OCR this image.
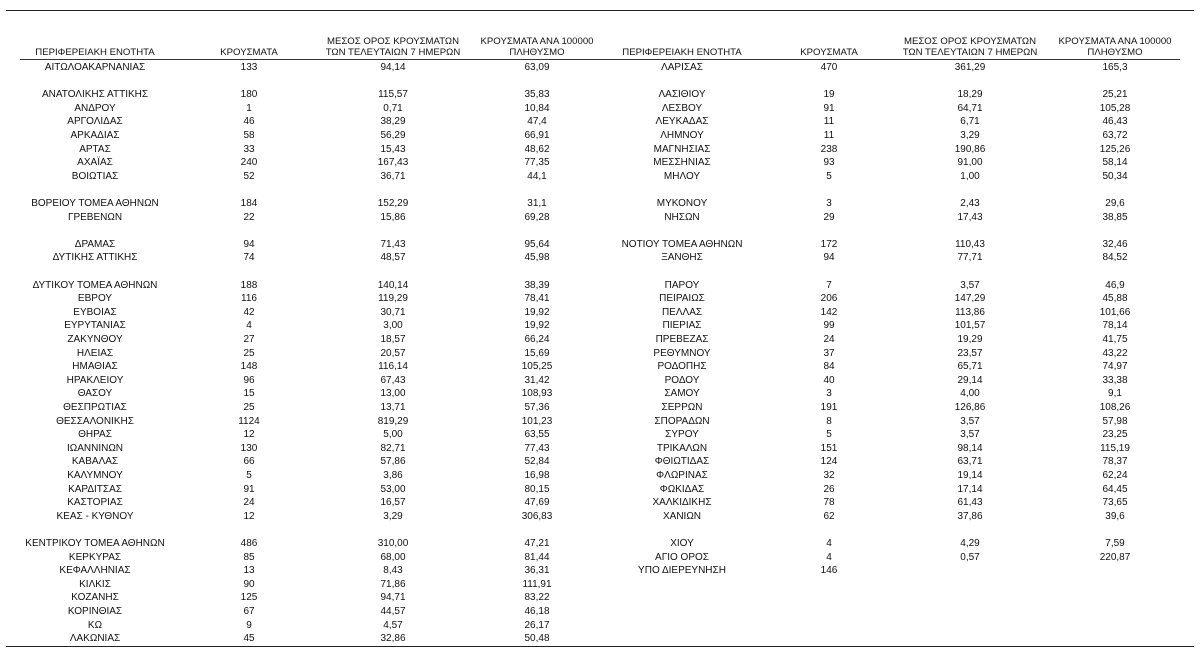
ΠΕΡΙΦΕΡΕΙΑΚΗ ΕΝΟΤΗΤΑ	ΚΡΟΥΣΜΑΤΑ
ΜΕΣΟΣ ΟΡΟΣ ΚΡΟΥΣΜΑΤΩΝ
ΤΩΝ ΤΕΛΕΥΤΑΙΩΝ 7 ΗΜΕΡΩΝ
ΚΡΟΥΣΜΑΤΑ ΑΝΑ 100000
ΠΛΗΘΥΣΜΟ	ΠΕΡΙΦΕΡΕΙΑΚΗ ΕΝΟΤΗΤΑ	ΚΡΟΥΣΜΑΤΑ
ΜΕΣΟΣ ΟΡΟΣ ΚΡΟΥΣΜΑΤΩΝ
ΤΩΝ ΤΕΛΕΥΤΑΙΩΝ 7 ΗΜΕΡΩΝ
ΚΡΟΥΣΜΑΤΑ ΑΝΑ 100000
ΠΛΗΘΥΣΜΟ
ΑΙΤΩΛΟΑΚΑΡΝΑΝΙΑΣ	133	94,14	63,09
ΑΝΑΤΟΛΙΚΗΣ ΑΤΤΙΚΗΣ	180	115,57	35,83
ΑΝΔΡΟΥ	1	0,71	10,84
ΑΡΓΟΛΙΔΑΣ	46	38,29	47,4
ΑΡΚΑΔΙΑΣ	58	56,29	66,91
ΑΡΤΑΣ	33	15,43	48,62
ΑΧΑΪΑΣ	240	167,43	77,35
ΒΟΙΩΤΙΑΣ	52	36,71	44,1
ΒΟΡΕΙΟΥ ΤΟΜΕΑ ΑΘΗΝΩΝ	184	152,29	31,1
ΓΡΕΒΕΝΩΝ	22	15,86	69,28
ΔΡΑΜΑΣ	94	71,43	95,64
ΔΥΤΙΚΗΣ ΑΤΤΙΚΗΣ	74	48,57	45,98
ΔΥΤΙΚΟΥ ΤΟΜΕΑ ΑΘΗΝΩΝ	188	140,14	38,39
ΕΒΡΟΥ	116	119,29	78,41
ΕΥΒΟΙΑΣ	42	30,71	19,92
ΕΥΡΥΤΑΝΙΑΣ	4	3,00	19,92
ΖΑΚΥΝΘΟΥ	27	18,57	66,24
ΗΛΕΙΑΣ	25	20,57	15,69
ΗΜΑΘΙΑΣ	148	116,14	105,25
ΗΡΑΚΛΕΙΟΥ	96	67,43	31,42
ΘΑΣΟΥ	15	13,00	108,93
ΘΕΣΠΡΩΤΙΑΣ	25	13,71	57,36
ΘΕΣΣΑΛΟΝΙΚΗΣ	1124	819,29	101,23
ΘΗΡΑΣ	12	5,00	63,55
ΙΩΑΝΝΙΝΩΝ	130	82,71	77,43
ΚΑΒΑΛΑΣ	66	57,86	52,84
ΚΑΛΥΜΝΟΥ	5	3,86	16,98
ΚΑΡΔΙΤΣΑΣ	91	53,00	80,15
ΚΑΣΤΟΡΙΑΣ	24	16,57	47,69
ΚΕΑΣ - ΚΥΘΝΟΥ	12	3,29	306,83
ΚΕΝΤΡΙΚΟΥ ΤΟΜΕΑ ΑΘΗΝΩΝ	486	310,00	47,21
ΚΕΡΚΥΡΑΣ	85	68,00	81,44
ΚΕΦΑΛΛΗΝΙΑΣ	13	8,43	36,31
ΚΙΛΚΙΣ	90	71,86	111,91
ΚΟΖΑΝΗΣ	125	94,71	83,22
ΚΟΡΙΝΘΙΑΣ	67	44,57	46,18
ΚΩ	9	4,57	26,17
ΛΑΚΩΝΙΑΣ	45	32,86	50,48
ΛΑΡΙΣΑΣ	470	361,29	165,3
ΛΑΣΙΘΙΟΥ	19	18,29	25,21
ΛΕΣΒΟΥ	91	64,71	105,28
ΛΕΥΚΑΔΑΣ	11	6,71	46,43
ΛΗΜΝΟΥ	11	3,29	63,72
ΜΑΓΝΗΣΙΑΣ	238	190,86	125,26
ΜΕΣΣΗΝΙΑΣ	93	91,00	58,14
ΜΗΛΟΥ	5	1,00	50,34
ΜΥΚΟΝΟΥ	3	2,43	29,6
ΝΗΣΩΝ	29	17,43	38,85
ΝΟΤΙΟΥ ΤΟΜΕΑ ΑΘΗΝΩΝ	172	110,43	32,46
ΞΑΝΘΗΣ	94	77,71	84,52
ΠΑΡΟΥ	7	3,57	46,9
ΠΕΙΡΑΙΩΣ	206	147,29	45,88
ΠΕΛΛΑΣ	142	113,86	101,66
ΠΙΕΡΙΑΣ	99	101,57	78,14
ΠΡΕΒΕΖΑΣ	24	19,29	41,75
ΡΕΘΥΜΝΟΥ	37	23,57	43,22
ΡΟΔΟΠΗΣ	84	65,71	74,97
ΡΟΔΟΥ	40	29,14	33,38
ΣΑΜΟΥ	3	4,00	9,1
ΣΕΡΡΩΝ	191	126,86	108,26
ΣΠΟΡΑΔΩΝ	8	3,57	57,98
ΣΥΡΟΥ	5	3,57	23,25
ΤΡΙΚΑΛΩΝ	151	98,14	115,19
ΦΘΙΩΤΙΔΑΣ	124	63,71	78,37
ΦΛΩΡΙΝΑΣ	32	19,14	62,24
ΦΩΚΙΔΑΣ	26	17,14	64,45
ΧΑΛΚΙΔΙΚΗΣ	78	61,43	73,65
ΧΑΝΙΩΝ	62	37,86	39,6
ΧΙΟΥ	4	4,29	7,59
ΑΓΙΟ ΟΡΟΣ	4	0,57	220,87
ΥΠΟ ΔΙΕΡΕΥΝΗΣΗ	146
